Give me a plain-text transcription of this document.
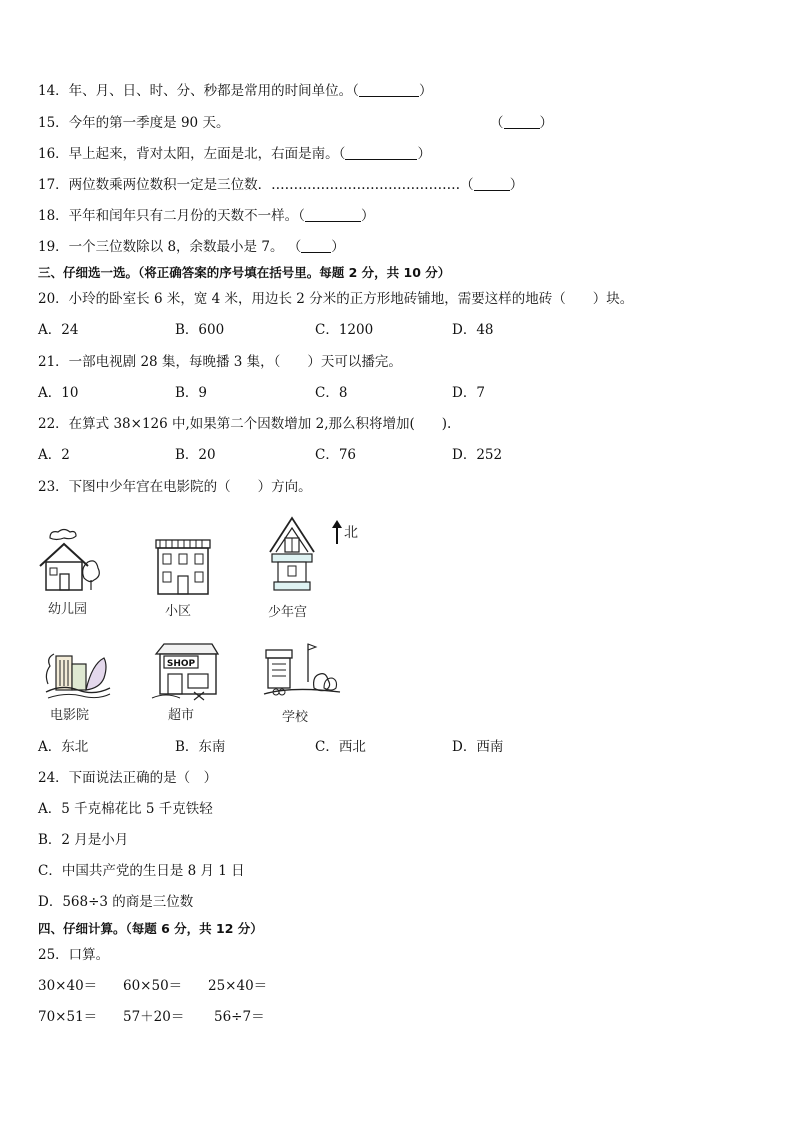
14．年、月、日、时、分、秒都是常用的时间单位。（	）
15．今年的第一季度是 90 天。	（	）
16．早上起来，背对太阳，左面是北，右面是南。（	）
17．两位数乘两位数积一定是三位数．……………………………………（	）
18．平年和闰年只有二月份的天数不一样。（	）
19．一个三位数除以 8，余数最小是 7。 （ ）
三、仔细选一选。（将正确答案的序号填在括号里。每题 2 分，共 10 分）
20．小玲的卧室长 6 米，宽 4 米，用边长 2 分米的正方形地砖铺地，需要这样的地砖（　　）块。
A．24	B．600	C．1200	D．48
21．一部电视剧 28 集，每晚播 3 集，（　　）天可以播完。
A．10	B．9	C．8	D．7
22．在算式 38×126 中,如果第二个因数增加 2,那么积将增加(　　).
A．2	B．20	C．76	D．252
23．下图中少年宫在电影院的（　　）方向。
幼儿园	小区	少年宫
北
电影院
SHOP
超市	学校
A．东北	B．东南	C．西北	D．西南
24．下面说法正确的是（　）
A．5 千克棉花比 5 千克铁轻
B．2 月是小月
C．中国共产党的生日是 8 月 1 日
D．568÷3 的商是三位数
四、仔细计算。（每题 6 分，共 12 分）
25．口算。
30×40＝ 60×50＝ 25×40＝
70×51＝ 57＋20＝ 56÷7＝
